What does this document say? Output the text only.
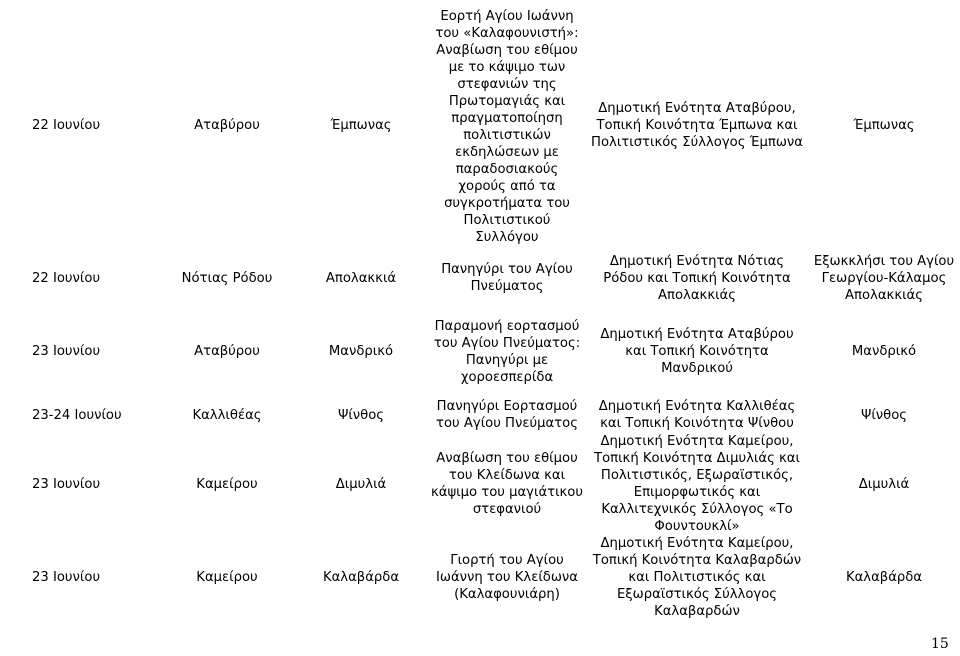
22 Ιουνίου	Αταβύρου	Έμπωνας	Εορτή Αγίου Ιωάννη του «Καλαφουνιστή»: Αναβίωση του εθίμου με το κάψιμο των στεφανιών της Πρωτομαγιάς και πραγματοποίηση πολιτιστικών εκδηλώσεων με παραδοσιακούς χορούς από τα συγκροτήματα του Πολιτιστικού Συλλόγου	Δημοτική Ενότητα Αταβύρου, Τοπική Κοινότητα Έμπωνα και Πολιτιστικός Σύλλογος Έμπωνα	Έμπωνας
22 Ιουνίου	Νότιας Ρόδου	Απολακκιά	Πανηγύρι του Αγίου Πνεύματος	Δημοτική Ενότητα Νότιας Ρόδου και Τοπική Κοινότητα Απολακκιάς	Εξωκκλήσι του Αγίου Γεωργίου-Κάλαμος Απολακκιάς
23 Ιουνίου	Αταβύρου	Μανδρικό	Παραμονή εορτασμού του Αγίου Πνεύματος: Πανηγύρι με χοροεσπερίδα	Δημοτική Ενότητα Αταβύρου και Τοπική Κοινότητα Μανδρικού	Μανδρικό
23-24 Ιουνίου	Καλλιθέας	Ψίνθος	Πανηγύρι Εορτασμού του Αγίου Πνεύματος	Δημοτική Ενότητα Καλλιθέας και Τοπική Κοινότητα Ψίνθου	Ψίνθος
23 Ιουνίου	Καμείρου	Διμυλιά	Αναβίωση του εθίμου του Κλείδωνα και κάψιμο του μαγιάτικου στεφανιού	Δημοτική Ενότητα Καμείρου, Τοπική Κοινότητα Διμυλιάς και Πολιτιστικός, Εξωραϊστικός, Επιμορφωτικός και Καλλιτεχνικός Σύλλογος «Το Φουντουκλί»	Διμυλιά
23 Ιουνίου	Καμείρου	Καλαβάρδα	Γιορτή του Αγίου Ιωάννη του Κλείδωνα (Καλαφουνιάρη)	Δημοτική Ενότητα Καμείρου, Τοπική Κοινότητα Καλαβαρδών και Πολιτιστικός και Εξωραϊστικός Σύλλογος Καλαβαρδών	Καλαβάρδα
15
